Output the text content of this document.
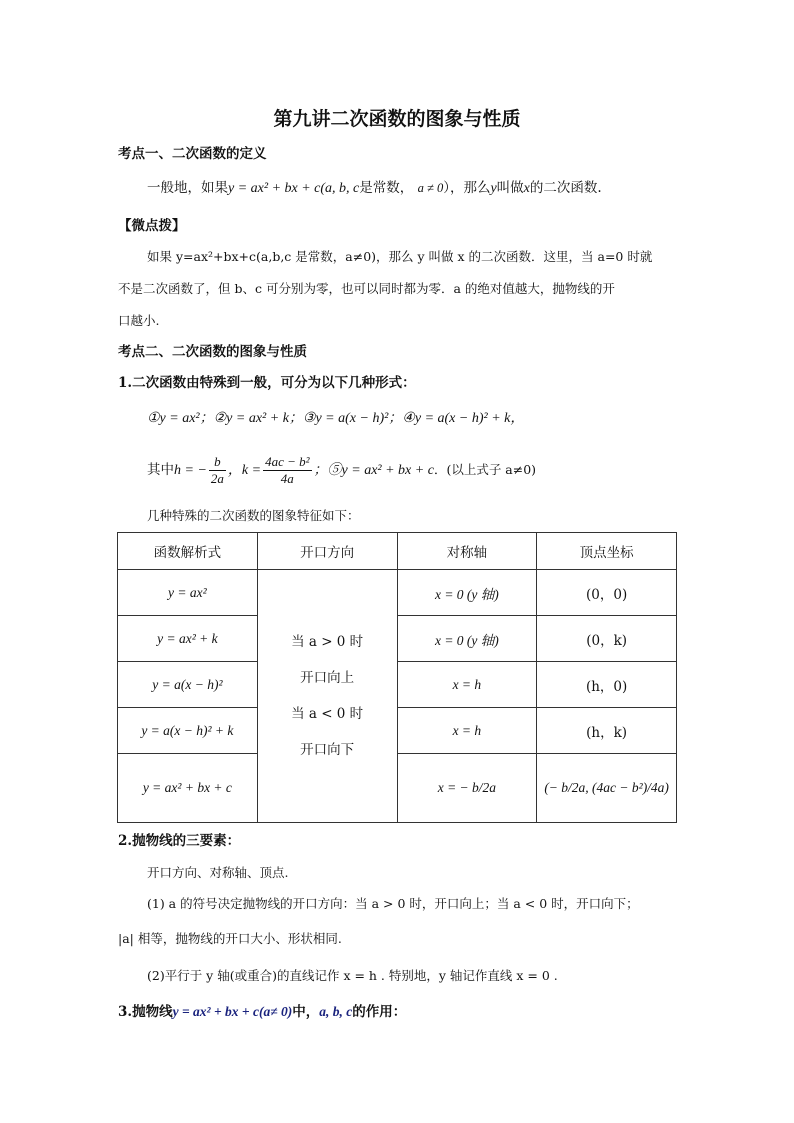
第九讲二次函数的图象与性质
考点一、二次函数的定义
一般地，如果y = ax² + bx + c(a, b, c是常数， a ≠ 0），那么y叫做x的二次函数.
【微点拨】
如果 y=ax²+bx+c(a,b,c 是常数，a≠0)，那么 y 叫做 x 的二次函数．这里，当 a=0 时就
不是二次函数了，但 b、c 可分别为零，也可以同时都为零．a 的绝对值越大，抛物线的开
口越小.
考点二、二次函数的图象与性质
1.二次函数由特殊到一般，可分为以下几种形式：
①y = ax²；②y = ax² + k；③y = a(x − h)²；④y = a(x − h)² + k，
其中h = − $\frac{b}{2a}$ ，$k = \frac{\text{4ac − b²}}{4a}$ ；⑤y = ax² + bx + c．(以上式子 a≠0)
几种特殊的二次函数的图象特征如下：
函数解析式	开口方向	对称轴	顶点坐标
y = ax²	当 a > 0 时
开口向上
当 a < 0 时
开口向下	x = 0 (y 轴)	(0，0)
y = ax² + k		x = 0 (y 轴)	(0，k)
y = a(x − h)²		x = h	(h，0)
y = a(x − h)² + k		x = h	(h，k)
y = ax² + bx + c		x = − b/2a	(− b/2a, (4ac − b²)/4a)
2.抛物线的三要素：
开口方向、对称轴、顶点.
(1) a 的符号决定抛物线的开口方向：当 a > 0 时，开口向上；当 a < 0 时，开口向下；
|a| 相等，抛物线的开口大小、形状相同.
(2)平行于 y 轴(或重合)的直线记作 x = h . 特别地，y 轴记作直线 x = 0 .
3.抛物线y = ax² + bx + c(a≠ 0)中，a, b, c的作用：
